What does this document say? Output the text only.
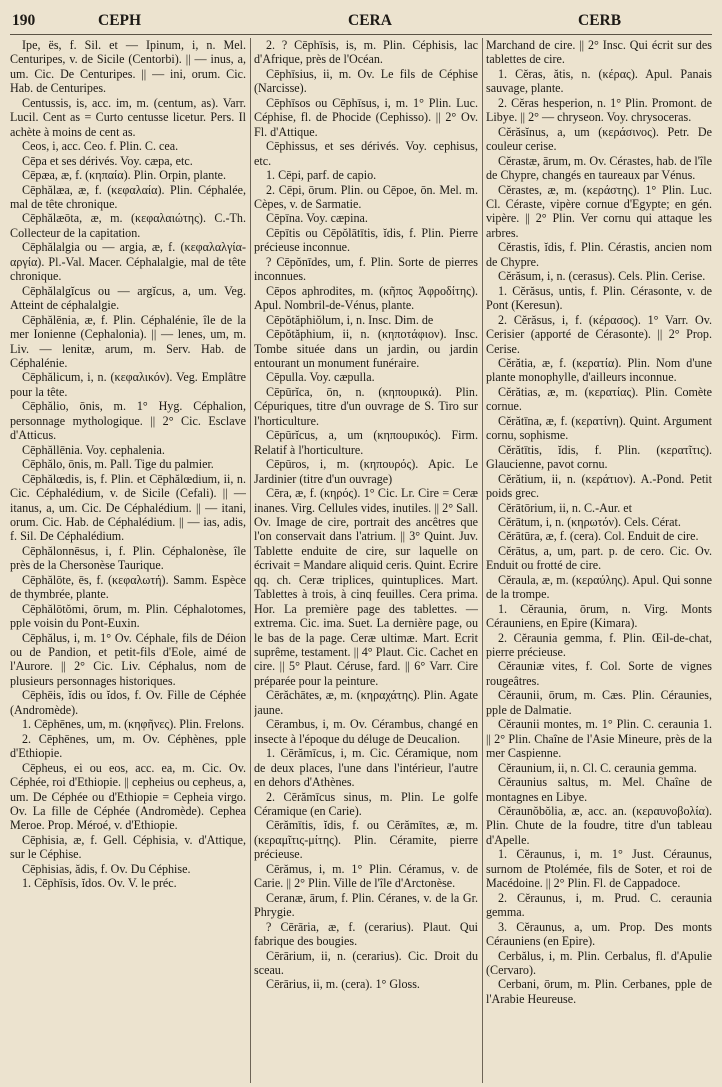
190	CEPH	CERA	CERB

Ipe, ës, f. Sil. et — Ipinum, i, n. Mel. Centuripes, v. de Sicile (Centorbi). || — inus, a, um. Cic. De Centuripes. || — ini, orum. Cic. Hab. de Centuripes.

Centussis, is, acc. im, m. (centum, as). Varr. Lucil. Cent as = Curto centusse licetur. Pers. Il achète à moins de cent as.

Ceos, i, acc. Ceo. f. Plin. C. cea.

Cēpa et ses dérivés. Voy. cæpa, etc.

Cēpæa, æ, f. (κηπαία). Plin. Orpin, plante.

Cēphălæa, æ, f. (κεφαλαία). Plin. Céphalée, mal de tête chronique.

Cēphălæōta, æ, m. (κεφαλαιώτης). C.-Th. Collecteur de la capitation.

Cēphălalgia ou — argia, æ, f. (κεφαλαλγία-αργία). Pl.-Val. Macer. Céphalalgie, mal de tête chronique.

Cēphălalgĭcus ou — argĭcus, a, um. Veg. Atteint de céphalalgie.

Cēphălēnia, æ, f. Plin. Céphalénie, île de la mer Ionienne (Cephalonia). || — lenes, um, m. Liv. — lenitæ, arum, m. Serv. Hab. de Céphalénie.

Cēphălicum, i, n. (κεφαλικόν). Veg. Emplâtre pour la tête.

Cēphălio, ōnis, m. 1° Hyg. Céphalion, personnage mythologique. || 2° Cic. Esclave d'Atticus.

Cēphăllēnia. Voy. cephalenia.

Cēphălo, ōnis, m. Pall. Tige du palmier.

Cēphălœdis, is, f. Plin. et Cēphălœdium, ii, n. Cic. Céphalédium, v. de Sicile (Cefali). || — itanus, a, um. Cic. De Céphalédium. || — itani, orum. Cic. Hab. de Céphalédium. || — ias, adis, f. Sil. De Céphalédium.

Cēphălonnēsus, i, f. Plin. Céphalonèse, île près de la Chersonèse Taurique.

Cēphălōte, ēs, f. (κεφαλωτή). Samm. Espèce de thymbrée, plante.

Cēphălōtŏmi, ōrum, m. Plin. Céphalotomes, pple voisin du Pont-Euxin.

Cēphălus, i, m. 1° Ov. Céphale, fils de Déion ou de Pandion, et petit-fils d'Eole, aimé de l'Aurore. || 2° Cic. Liv. Céphalus, nom de plusieurs personnages historiques.

Cēphēis, ĭdis ou ĭdos, f. Ov. Fille de Céphée (Andromède).

1. Cēphēnes, um, m. (κηφῆνες). Plin. Frelons.

2. Cēphēnes, um, m. Ov. Céphènes, pple d'Ethiopie.

Cēpheus, ei ou eos, acc. ea, m. Cic. Ov. Céphée, roi d'Ethiopie. || cepheius ou cepheus, a, um. De Céphée ou d'Ethiopie = Cepheia virgo. Ov. La fille de Céphée (Andromède). Cephea Meroe. Prop. Méroé, v. d'Ethiopie.

Cēphisia, æ, f. Gell. Céphisia, v. d'Attique, sur le Céphise.

Cēphisias, ădis, f. Ov. Du Céphise.

1. Cēphīsis, ĭdos. Ov. V. le préc.

2. ? Cēphīsis, is, m. Plin. Céphisis, lac d'Afrique, près de l'Océan.

Cēphīsius, ii, m. Ov. Le fils de Céphise (Narcisse).

Cēphīsos ou Cēphīsus, i, m. 1° Plin. Luc. Céphise, fl. de Phocide (Cephisso). || 2° Ov. Fl. d'Attique.

Cēphissus, et ses dérivés. Voy. cephisus, etc.

1. Cēpi, parf. de capio.

2. Cēpi, ōrum. Plin. ou Cēpoe, ōn. Mel. m. Cèpes, v. de Sarmatie.

Cēpīna. Voy. cæpina.

Cēpītis ou Cēpŏlātītis, ĭdis, f. Plin. Pierre précieuse inconnue.

? Cēpŏnīdes, um, f. Plin. Sorte de pierres inconnues.

Cēpos aphrodites, m. (κῆπος Ἀφροδίτης). Apul. Nombril-de-Vénus, plante.

Cēpŏtăphiŏlum, i, n. Insc. Dim. de

Cēpŏtăphium, ii, n. (κηποτάφιον). Insc. Tombe située dans un jardin, ou jardin entourant un monument funéraire.

Cēpulla. Voy. cæpulla.

Cēpūrĭca, ōn, n. (κηπουρικά). Plin. Cépuriques, titre d'un ouvrage de S. Tiro sur l'horticulture.

Cēpūrĭcus, a, um (κηπουρικός). Firm. Relatif à l'horticulture.

Cēpūros, i, m. (κηπουρός). Apic. Le Jardinier (titre d'un ouvrage)

Cēra, æ, f. (κηρός). 1° Cic. Lr. Cire = Ceræ inanes. Virg. Cellules vides, inutiles. || 2° Sall. Ov. Image de cire, portrait des ancêtres que l'on conservait dans l'atrium. || 3° Quint. Juv. Tablette enduite de cire, sur laquelle on écrivait = Mandare aliquid ceris. Quint. Ecrire qq. ch. Ceræ triplices, quintuplices. Mart. Tablettes à trois, à cinq feuilles. Cera prima. Hor. La première page des tablettes. — extrema. Cic. ima. Suet. La dernière page, ou le bas de la page. Ceræ ultimæ. Mart. Ecrit suprême, testament. || 4° Plaut. Cic. Cachet en cire. || 5° Plaut. Céruse, fard. || 6° Varr. Cire préparée pour la peinture.

Cērăchātes, æ, m. (κηραχάτης). Plin. Agate jaune.

Cērambus, i, m. Ov. Cérambus, changé en insecte à l'époque du déluge de Deucalion.

1. Cērămīcus, i, m. Cic. Céramique, nom de deux places, l'une dans l'intérieur, l'autre en dehors d'Athènes.

2. Cērămīcus sinus, m. Plin. Le golfe Céramique (en Carie).

Cērămītis, ĭdis, f. ou Cērămītes, æ, m. (κεραμῖτις-μίτης). Plin. Céramite, pierre précieuse.

Cērămus, i, m. 1° Plin. Céramus, v. de Carie. || 2° Plin. Ville de l'île d'Arctonèse.

Ceranæ, ārum, f. Plin. Céranes, v. de la Gr. Phrygie.

? Cērāria, æ, f. (cerarius). Plaut. Qui fabrique des bougies.

Cērārium, ii, n. (cerarius). Cic. Droit du sceau.

Cērārius, ii, m. (cera). 1° Gloss.

Marchand de cire. || 2° Insc. Qui écrit sur des tablettes de cire.

1. Cĕras, ătis, n. (κέρας). Apul. Panais sauvage, plante.

2. Cĕras hesperion, n. 1° Plin. Promont. de Libye. || 2° — chryseon. Voy. chrysoceras.

Cĕrăsĭnus, a, um (κεράσινος). Petr. De couleur cerise.

Cĕrastæ, ārum, m. Ov. Cérastes, hab. de l'île de Chypre, changés en taureaux par Vénus.

Cĕrastes, æ, m. (κεράστης). 1° Plin. Luc. Cl. Céraste, vipère cornue d'Egypte; en gén. vipère. || 2° Plin. Ver cornu qui attaque les arbres.

Cĕrastis, ĭdis, f. Plin. Cérastis, ancien nom de Chypre.

Cĕrăsum, i, n. (cerasus). Cels. Plin. Cerise.

1. Cĕrăsus, untis, f. Plin. Cérasonte, v. de Pont (Keresun).

2. Cĕrăsus, i, f. (κέρασος). 1° Varr. Ov. Cerisier (apporté de Cérasonte). || 2° Prop. Cerise.

Cĕrătia, æ, f. (κερατία). Plin. Nom d'une plante monophylle, d'ailleurs inconnue.

Cĕrătias, æ, m. (κερατίας). Plin. Comète cornue.

Cĕrătīna, æ, f. (κερατίνη). Quint. Argument cornu, sophisme.

Cĕrătītis, ĭdis, f. Plin. (κερατῖτις). Glaucienne, pavot cornu.

Cĕrătium, ii, n. (κεράτιον). A.-Pond. Petit poids grec.

Cĕrātōrium, ii, n. C.-Aur. et

Cĕrātum, i, n. (κηρωτόν). Cels. Cérat.

Cĕrātūra, æ, f. (cera). Col. Enduit de cire.

Cĕrātus, a, um, part. p. de cero. Cic. Ov. Enduit ou frotté de cire.

Cĕraula, æ, m. (κεραύλης). Apul. Qui sonne de la trompe.

1. Cĕraunia, ōrum, n. Virg. Monts Cérauniens, en Epire (Kimara).

2. Cĕraunia gemma, f. Plin. Œil-de-chat, pierre précieuse.

Cĕrauniæ vites, f. Col. Sorte de vignes rougeâtres.

Cĕraunii, ōrum, m. Cæs. Plin. Céraunies, pple de Dalmatie.

Cĕraunii montes, m. 1° Plin. C. ceraunia 1. || 2° Plin. Chaîne de l'Asie Mineure, près de la mer Caspienne.

Cĕraunium, ii, n. Cl. C. ceraunia gemma.

Cĕraunius saltus, m. Mel. Chaîne de montagnes en Libye.

Cĕraunŏbŏlia, æ, acc. an. (κεραυνοβολία). Plin. Chute de la foudre, titre d'un tableau d'Apelle.

1. Cĕraunus, i, m. 1° Just. Céraunus, surnom de Ptolémée, fils de Soter, et roi de Macédoine. || 2° Plin. Fl. de Cappadoce.

2. Cĕraunus, i, m. Prud. C. ceraunia gemma.

3. Cĕraunus, a, um. Prop. Des monts Cérauniens (en Epire).

Cerbălus, i, m. Plin. Cerbalus, fl. d'Apulie (Cervaro).

Cerbani, ōrum, m. Plin. Cerbanes, pple de l'Arabie Heureuse.
